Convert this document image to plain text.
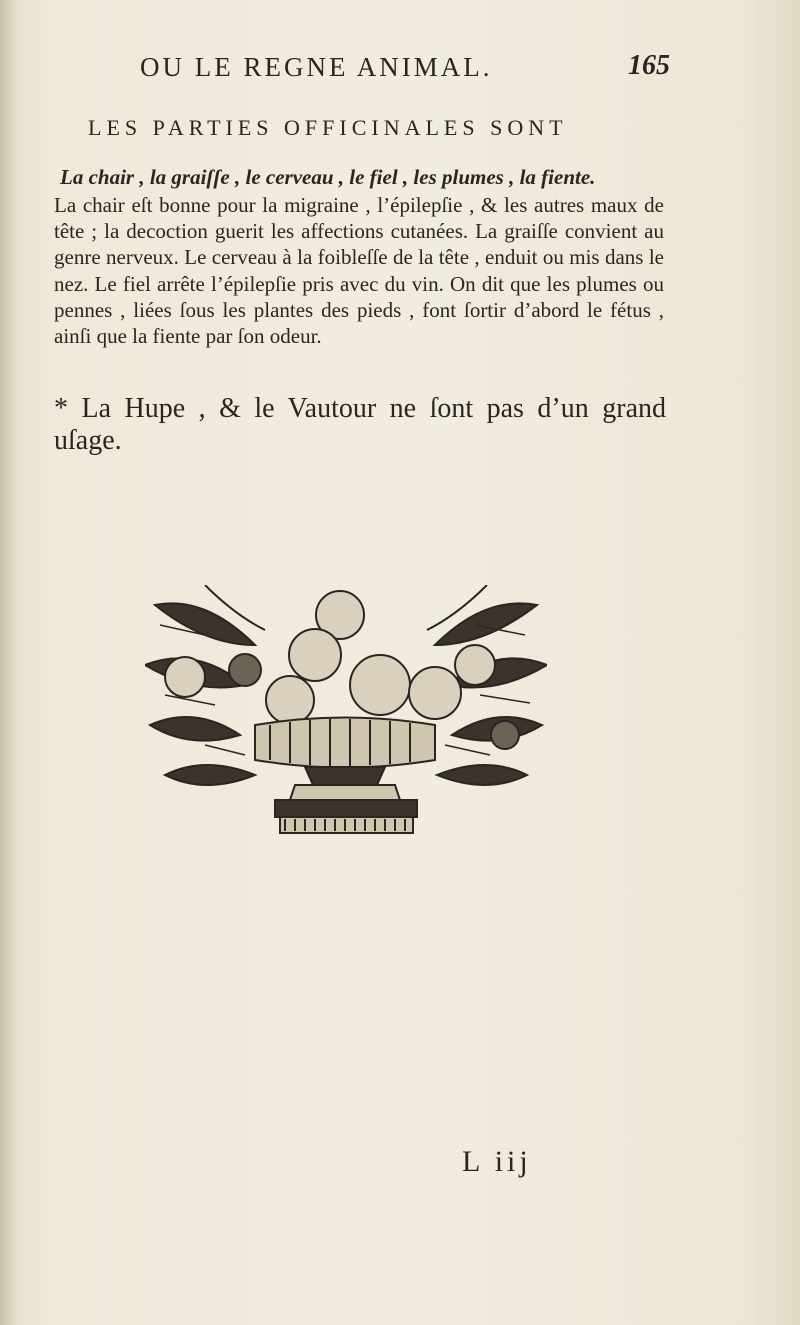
OU LE REGNE ANIMAL.	165
LES PARTIES OFFICINALES SONT
La chair , la graiſſe , le cerveau , le fiel , les plumes , la fiente.
La chair eſt bonne pour la migraine , l’épilepſie , & les autres maux de tête ; la decoction guerit les affections cutanées. La graiſſe convient au genre nerveux. Le cerveau à la foibleſſe de la tête , enduit ou mis dans le nez. Le fiel arrête l’épilepſie pris avec du vin. On dit que les plumes ou pennes , liées ſous les plantes des pieds , font ſortir d’abord le fétus , ainſi que la fiente par ſon odeur.
* La Hupe , & le Vautour ne ſont pas d’un grand uſage.
L iij
